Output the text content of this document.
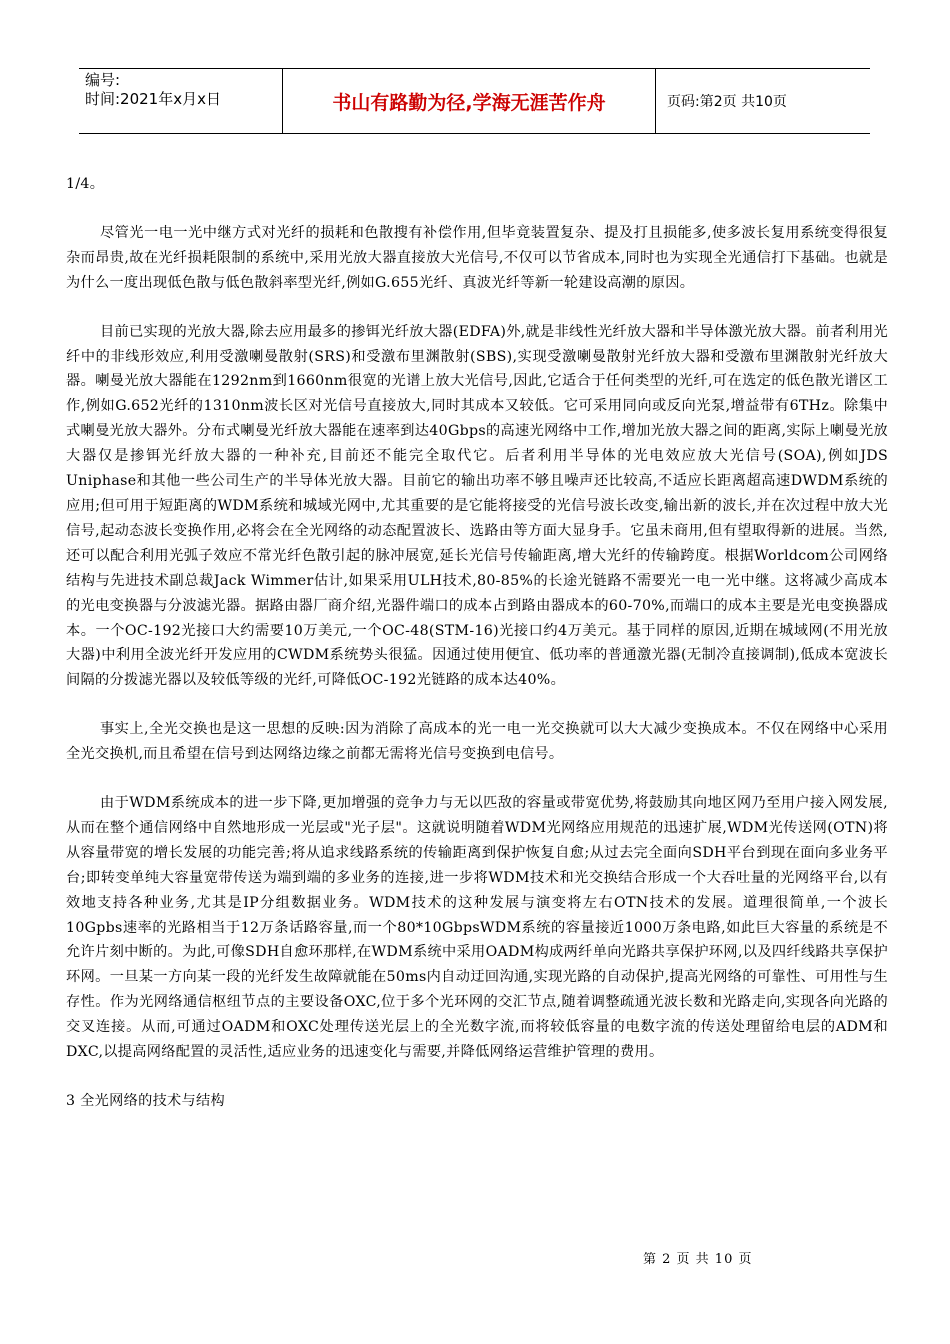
编号:
时间:2021年x月x日	书山有路勤为径,学海无涯苦作舟	页码:第2页 共10页

1/4。

尽管光一电一光中继方式对光纤的损耗和色散搜有补偿作用,但毕竟装置复杂、提及打且损能多,使多波长复用系统变得很复杂而昂贵,故在光纤损耗限制的系统中,采用光放大器直接放大光信号,不仅可以节省成本,同时也为实现全光通信打下基础。也就是为什么一度出现低色散与低色散斜率型光纤,例如G.655光纤、真波光纤等新一轮建设高潮的原因。

目前已实现的光放大器,除去应用最多的掺铒光纤放大器(EDFA)外,就是非线性光纤放大器和半导体激光放大器。前者利用光纤中的非线形效应,利用受激喇曼散射(SRS)和受激布里渊散射(SBS),实现受激喇曼散射光纤放大器和受激布里渊散射光纤放大器。喇曼光放大器能在1292nm到1660nm很宽的光谱上放大光信号,因此,它适合于任何类型的光纤,可在选定的低色散光谱区工作,例如G.652光纤的1310nm波长区对光信号直接放大,同时其成本又较低。它可采用同向或反向光泵,增益带有6THz。除集中式喇曼光放大器外。分布式喇曼光纤放大器能在速率到达40Gbps的高速光网络中工作,增加光放大器之间的距离,实际上喇曼光放大器仅是掺铒光纤放大器的一种补充,目前还不能完全取代它。后者利用半导体的光电效应放大光信号(SOA),例如JDS Uniphase和其他一些公司生产的半导体光放大器。目前它的输出功率不够且噪声还比较高,不适应长距离超高速DWDM系统的应用;但可用于短距离的WDM系统和城域光网中,尤其重要的是它能将接受的光信号波长改变,输出新的波长,并在次过程中放大光信号,起动态波长变换作用,必将会在全光网络的动态配置波长、选路由等方面大显身手。它虽未商用,但有望取得新的进展。当然,还可以配合利用光弧子效应不常光纤色散引起的脉冲展宽,延长光信号传输距离,增大光纤的传输跨度。根据Worldcom公司网络结构与先进技术副总裁Jack Wimmer估计,如果采用ULH技术,80-85%的长途光链路不需要光一电一光中继。这将减少高成本的光电变换器与分波滤光器。据路由器厂商介绍,光器件端口的成本占到路由器成本的60-70%,而端口的成本主要是光电变换器成本。一个OC-192光接口大约需要10万美元,一个OC-48(STM-16)光接口约4万美元。基于同样的原因,近期在城域网(不用光放大器)中利用全波光纤开发应用的CWDM系统势头很猛。因通过使用便宜、低功率的普通激光器(无制冷直接调制),低成本宽波长间隔的分拨滤光器以及较低等级的光纤,可降低OC-192光链路的成本达40%。

事实上,全光交换也是这一思想的反映:因为消除了高成本的光一电一光交换就可以大大减少变换成本。不仅在网络中心采用全光交换机,而且希望在信号到达网络边缘之前都无需将光信号变换到电信号。

由于WDM系统成本的进一步下降,更加增强的竞争力与无以匹敌的容量或带宽优势,将鼓励其向地区网乃至用户接入网发展,从而在整个通信网络中自然地形成一光层或"光子层"。这就说明随着WDM光网络应用规范的迅速扩展,WDM光传送网(OTN)将从容量带宽的增长发展的功能完善;将从追求线路系统的传输距离到保护恢复自愈;从过去完全面向SDH平台到现在面向多业务平台;即转变单纯大容量宽带传送为端到端的多业务的连接,进一步将WDM技术和光交换结合形成一个大吞吐量的光网络平台,以有效地支持各种业务,尤其是IP分组数据业务。WDM技术的这种发展与演变将左右OTN技术的发展。道理很简单,一个波长10Gpbs速率的光路相当于12万条话路容量,而一个80*10GbpsWDM系统的容量接近1000万条电路,如此巨大容量的系统是不允许片刻中断的。为此,可像SDH自愈环那样,在WDM系统中采用OADM构成两纤单向光路共享保护环网,以及四纤线路共享保护环网。一旦某一方向某一段的光纤发生故障就能在50ms内自动迂回沟通,实现光路的自动保护,提高光网络的可靠性、可用性与生存性。作为光网络通信枢纽节点的主要设备OXC,位于多个光环网的交汇节点,随着调整疏通光波长数和光路走向,实现各向光路的交叉连接。从而,可通过OADM和OXC处理传送光层上的全光数字流,而将较低容量的电数字流的传送处理留给电层的ADM和DXC,以提高网络配置的灵活性,适应业务的迅速变化与需要,并降低网络运营维护管理的费用。

3 全光网络的技术与结构

第 2 页 共 10 页
